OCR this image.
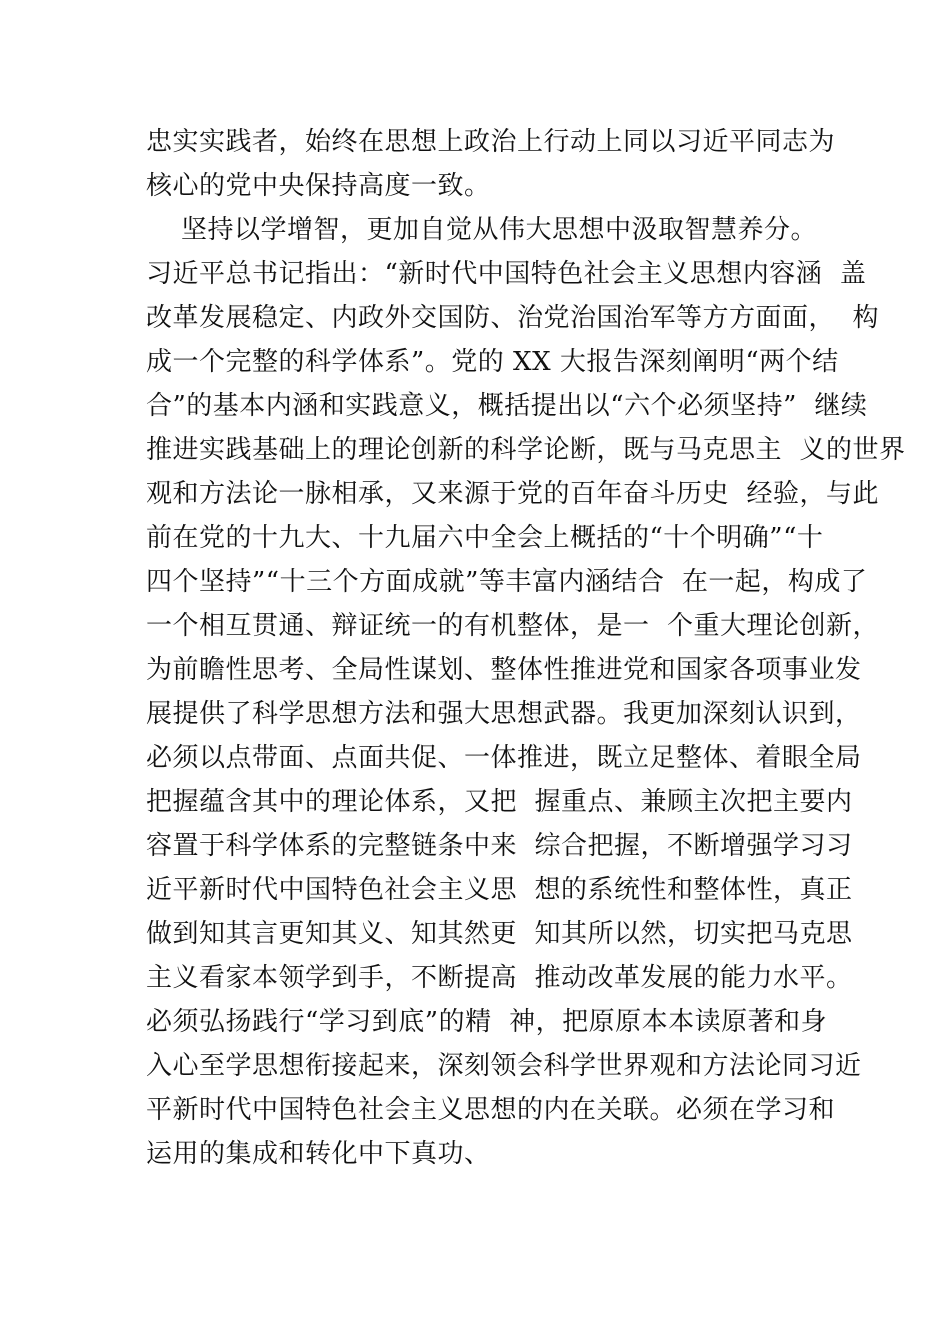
忠实实践者，始终在思想上政治上行动上同以习近平同志为
核心的党中央保持高度一致。
坚持以学增智，更加自觉从伟大思想中汲取智慧养分。
习近平总书记指出：“新时代中国特色社会主义思想内容涵  盖
改革发展稳定、内政外交国防、治党治国治军等方方面面，  构
成一个完整的科学体系”。党的 XX 大报告深刻阐明“两个结
合”的基本内涵和实践意义，概括提出以“六个必须坚持”  继续
推进实践基础上的理论创新的科学论断，既与马克思主  义的世界
观和方法论一脉相承，又来源于党的百年奋斗历史  经验，与此
前在党的十九大、十九届六中全会上概括的“十个明确”“十
四个坚持”“十三个方面成就”等丰富内涵结合  在一起，构成了
一个相互贯通、辩证统一的有机整体，是一  个重大理论创新，
为前瞻性思考、全局性谋划、整体性推进党和国家各项事业发
展提供了科学思想方法和强大思想武器。我更加深刻认识到，
必须以点带面、点面共促、一体推进，既立足整体、着眼全局
把握蕴含其中的理论体系，又把  握重点、兼顾主次把主要内
容置于科学体系的完整链条中来  综合把握，不断增强学习习
近平新时代中国特色社会主义思  想的系统性和整体性，真正
做到知其言更知其义、知其然更  知其所以然，切实把马克思
主义看家本领学到手，不断提高  推动改革发展的能力水平。
必须弘扬践行“学习到底”的精  神，把原原本本读原著和身
入心至学思想衔接起来，深刻领会科学世界观和方法论同习近
平新时代中国特色社会主义思想的内在关联。必须在学习和
运用的集成和转化中下真功、
